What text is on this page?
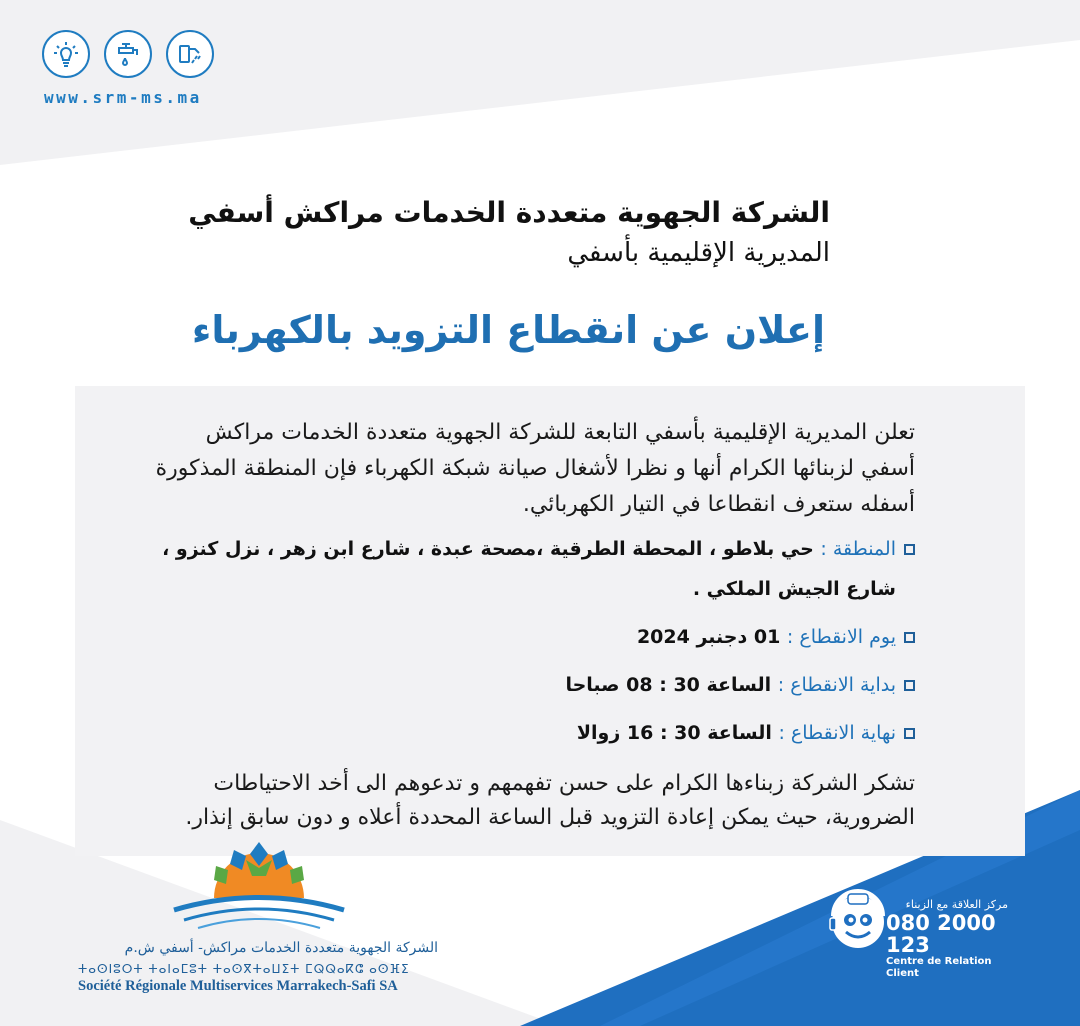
www.srm-ms.ma

الشركة الجهوية متعددة الخدمات مراكش أسفي

المديرية الإقليمية بأسفي

إعلان عن انقطاع التزويد بالكهرباء

تعلن المديرية الإقليمية بأسفي التابعة للشركة الجهوية متعددة الخدمات مراكش أسفي لزبنائها الكرام أنها و نظرا لأشغال صيانة شبكة الكهرباء فإن المنطقة المذكورة أسفله ستعرف انقطاعا في التيار الكهربائي.

المنطقة : حي بلاطو ، المحطة الطرقية ،مصحة عبدة ، شارع ابن زهر ، نزل كنزو ، شارع الجيش الملكي .

يوم الانقطاع : 01 دجنبر 2024

بداية الانقطاع : الساعة 30 : 08 صباحا

نهاية الانقطاع : الساعة 30 : 16 زوالا

تشكر الشركة زبناءها الكرام على حسن تفهمهم و تدعوهم الى أخد الاحتياطات الضرورية، حيث يمكن إعادة التزويد قبل الساعة المحددة أعلاه و دون سابق إنذار.

الشركة الجهوية متعددة الخدمات مراكش- أسفي ش.م
ⵜⴰⵙⵏⵓⵔⵜ ⵜⴰⵏⴰⵎⵓⵜ ⵜⴰⵙⴳⵜⴰⵡⵉⵜ ⵎⵕⵕⴰⴽⵛ ⴰⵙⴼⵉ
Société Régionale Multiservices Marrakech-Safi SA
مركز العلاقة مع الزبناء
080 2000 123
Centre de Relation Client
